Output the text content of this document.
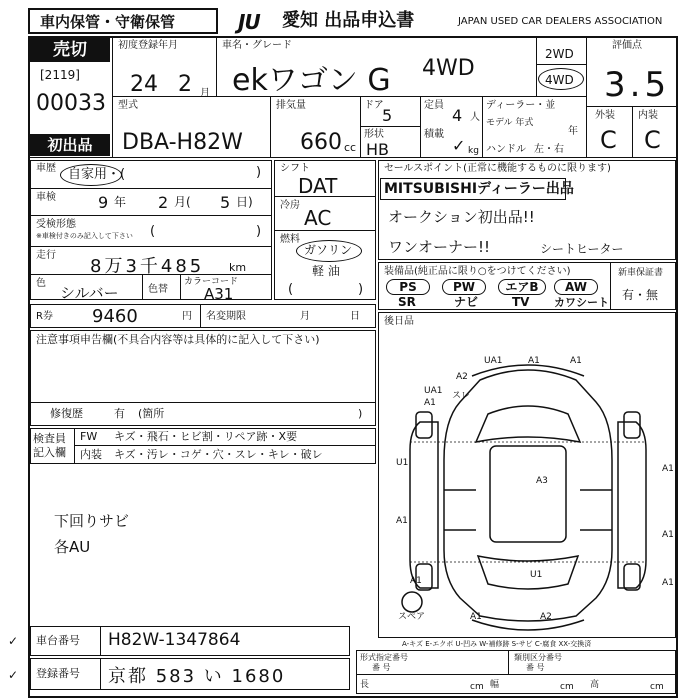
車内保管・守衛保管	JU	愛知 出品申込書	JAPAN USED CAR DEALERS ASSOCIATION
売切
[2119]
00033
初出品
初度登録年月
24 2 月
車名・グレード
ekワゴン G 4WD
2WD
4WD
評価点
3.5
外装 内装
C C
型式
DBA-H82W
排気量
660 cc
ドア
5
形状
HB
定員
4 人
積載
✓ kg
ディーラー・並
モデル 年式
年
ハンドル 左・右
車歴 自家用・(	)
車検	9 年 2 月( 5 日)
受検形態
※車検付きのみ記入して下さい (	)
走行
8万3千485 km
色
シルバー	色替
カラーコード
A31
シフト
DAT
冷房
AC
燃料
ガソリン
軽 油
(	)
R券 9460	円 名変期限	月	日
注意事項申告欄(不具合内容等は具体的に記入して下さい)
修復歴	有 (箇所	)
検査員 記入欄
FW キズ・飛石・ヒビ割・リペア跡・X要
内装 キズ・汚レ・コゲ・穴・スレ・キレ・破レ
下回りサビ
各AU
セールスポイント(正常に機能するものに限ります)
MITSUBISHIディーラー出品
オークション初出品!!
ワンオーナー!!	シートヒーター
装備品(純正品に限り○をつけてください)
PS	PW	エアB	AW
SR	ナビ	TV カワシート
新車保証書
有・無
後日品
UA1	A1	A1
A2
スレ
UA1
A1
U1
A1
A1
A3
A1
A1
U1
A1
A1	A2
スペア
A-キズ E-エクボ U-凹み W-補修跡 S-サビ C-腐食 XX-交換済
車台番号 H82W-1347864
✓
登録番号 京都 583 い 1680
✓
形式指定番号
番 号
類別区分番号
番 号
長	cm 幅	cm 高	cm
